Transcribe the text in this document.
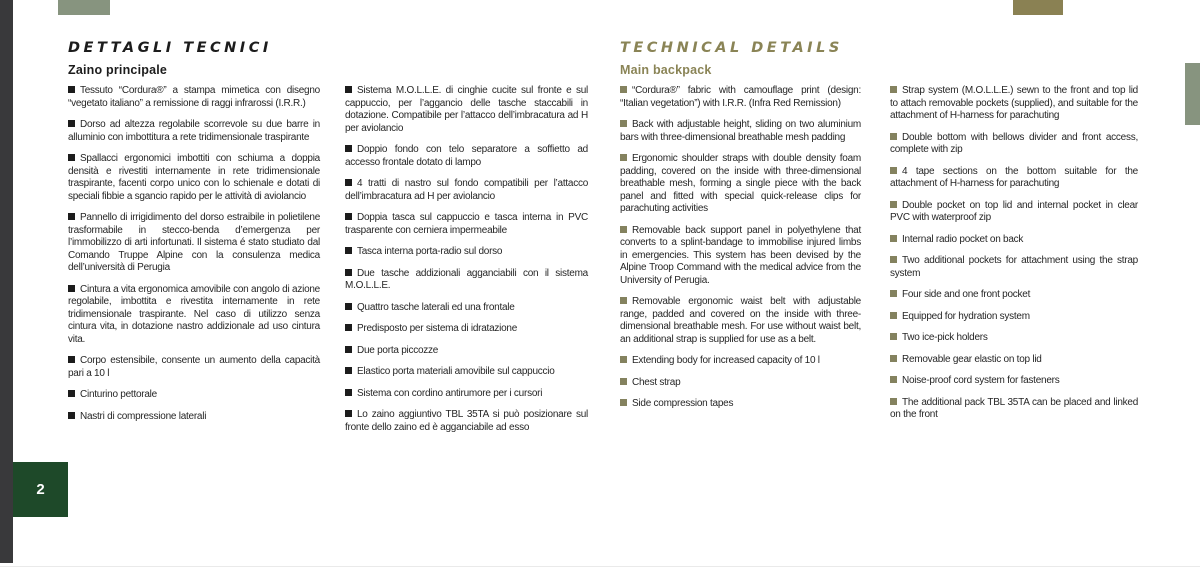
DETTAGLI TECNICI
Zaino principale
TECHNICAL DETAILS
Main backpack

Tessuto “Cordura®” a stampa mimetica con disegno “vegetato italiano” a remissione di raggi infrarossi (I.R.R.)

Dorso ad altezza regolabile scorrevole su due barre in alluminio con imbottitura a rete tridimensionale traspirante

Spallacci ergonomici imbottiti con schiuma a doppia densità e rivestiti internamente in rete tridimensionale traspirante, facenti corpo unico con lo schienale e dotati di speciali fibbie a sgancio rapido per le attività di aviolancio

Pannello di irrigidimento del dorso estraibile in polietilene trasformabile in stecco-benda d’emergenza per l’immobilizzo di arti infortunati. Il sistema é stato studiato dal Comando Truppe Alpine con la consulenza medica dell’università di Perugia

Cintura a vita ergonomica amovibile con angolo di azione regolabile, imbottita e rivestita internamente in rete tridimensionale traspirante. Nel caso di utilizzo senza cintura vita, in dotazione nastro addizionale ad uso cintura vita.

Corpo estensibile, consente un aumento della capacità pari a 10 l

Cinturino pettorale

Nastri di compressione laterali

Sistema M.O.L.L.E. di cinghie cucite sul fronte e sul cappuccio, per l’aggancio delle tasche staccabili in dotazione. Compatibile per l’attacco dell’imbracatura ad H per aviolancio

Doppio fondo con telo separatore a soffietto ad accesso frontale dotato di lampo

4 tratti di nastro sul fondo compatibili per l’attacco dell’imbracatura ad H per aviolancio

Doppia tasca sul cappuccio e tasca interna in PVC trasparente con cerniera impermeabile

Tasca interna porta-radio sul dorso

Due tasche addizionali agganciabili con il sistema M.O.L.L.E.

Quattro tasche laterali ed una frontale

Predisposto per sistema di idratazione

Due porta piccozze

Elastico porta materiali amovibile sul cappuccio

Sistema con cordino antirumore per i cursori

Lo zaino aggiuntivo TBL 35TA si può posizionare sul fronte dello zaino ed è agganciabile ad esso

“Cordura®” fabric with camouflage print (design: “Italian vegetation”) with I.R.R. (Infra Red Remission)

Back with adjustable height, sliding on two aluminium bars with three-dimensional breathable mesh padding

Ergonomic shoulder straps with double density foam padding, covered on the inside with three-dimensional breathable mesh, forming a single piece with the back panel and fitted with special quick-release clips for parachuting activities

Removable back support panel in polyethylene that converts to a splint-bandage to immobilise injured limbs in emergencies. This system has been devised by the Alpine Troop Command with the medical advice from the University of Perugia.

Removable ergonomic waist belt with adjustable range, padded and covered on the inside with three-dimensional breathable mesh. For use without waist belt, an additional strap is supplied for use as a belt.

Extending body for increased capacity of 10 l

Chest strap

Side compression tapes

Strap system (M.O.L.L.E.) sewn to the front and top lid to attach removable pockets (supplied), and suitable for the attachment of H-harness for parachuting

Double bottom with bellows divider and front access, complete with zip

4 tape sections on the bottom suitable for the attachment of H-harness for parachuting

Double pocket on top lid and internal pocket in clear PVC with waterproof zip

Internal radio pocket on back

Two additional pockets for attachment using the strap system

Four side and one front pocket

Equipped for hydration system

Two ice-pick holders

Removable gear elastic on top lid

Noise-proof cord system for fasteners

The additional pack TBL 35TA can be placed and linked on the front

2
